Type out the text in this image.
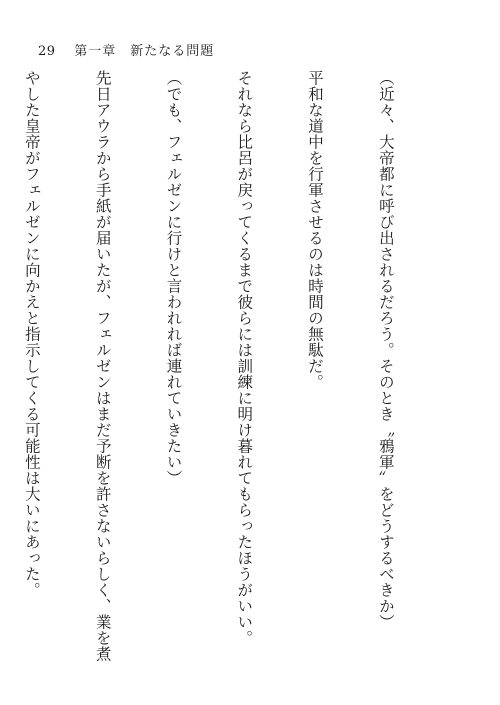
29 第一章　新たなる問題

（近々、大帝都に呼び出されるだろう。そのとき〝鴉軍〟をどうするべきか）

平和な道中を行軍させるのは時間の無駄だ。

それなら比呂が戻ってくるまで彼らには訓練に明け暮れてもらったほうがいい。

（でも、フェルゼンに行けと言われれば連れていきたい）

先日アウラから手紙が届いたが、フェルゼンはまだ予断を許さないらしく、業を煮

やした皇帝がフェルゼンに向かえと指示してくる可能性は大いにあった。
